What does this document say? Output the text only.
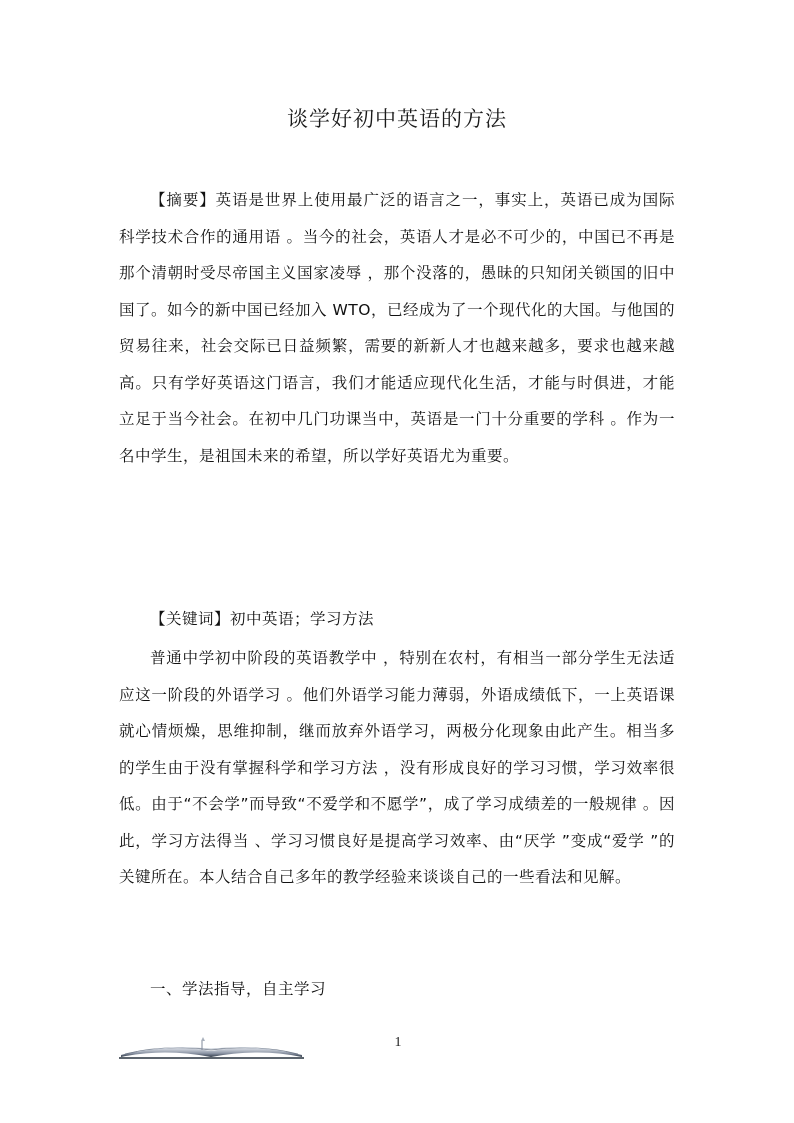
谈学好初中英语的方法

【摘要】英语是世界上使用最广泛的语言之一，事实上，英语已成为国际科学技术合作的通用语 。当今的社会，英语人才是必不可少的，中国已不再是那个清朝时受尽帝国主义国家凌辱 ，那个没落的，愚昧的只知闭关锁国的旧中国了。如今的新中国已经加入 WTO，已经成为了一个现代化的大国。与他国的贸易往来，社会交际已日益频繁，需要的新新人才也越来越多，要求也越来越高。只有学好英语这门语言，我们才能适应现代化生活，才能与时俱进，才能立足于当今社会。在初中几门功课当中，英语是一门十分重要的学科 。作为一名中学生，是祖国未来的希望，所以学好英语尤为重要。

【关键词】初中英语；学习方法

普通中学初中阶段的英语教学中 ，特别在农村，有相当一部分学生无法适应这一阶段的外语学习 。他们外语学习能力薄弱，外语成绩低下，一上英语课就心情烦燥，思维抑制，继而放弃外语学习，两极分化现象由此产生。相当多的学生由于没有掌握科学和学习方法 ，没有形成良好的学习习惯，学习效率很低。由于“不会学”而导致“不爱学和不愿学”，成了学习成绩差的一般规律 。因此，学习方法得当 、学习习惯良好是提高学习效率、由“厌学 ”变成“爱学 ”的关键所在。本人结合自己多年的教学经验来谈谈自己的一些看法和见解。

一、学法指导，自主学习

1
